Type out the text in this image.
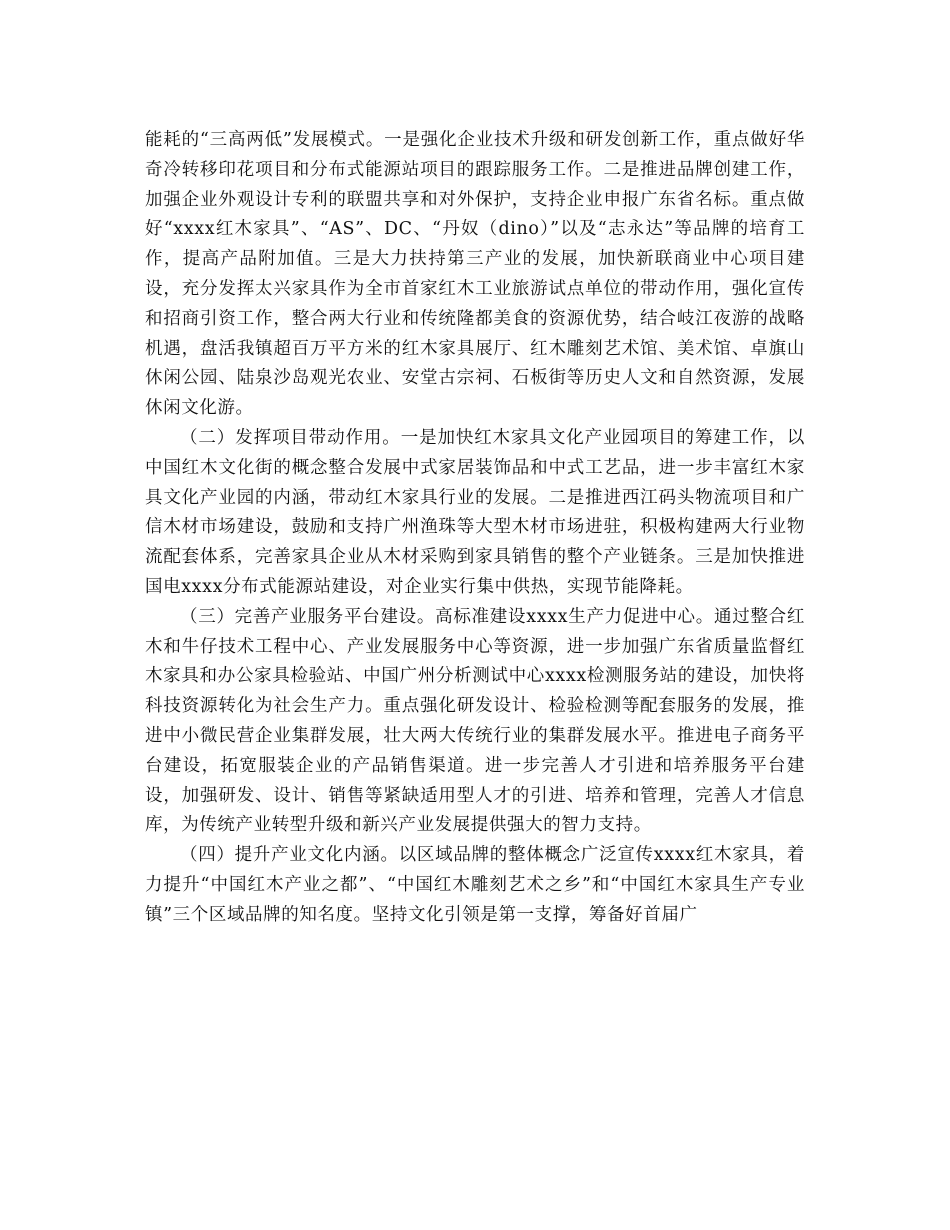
能耗的“三高两低”发展模式。一是强化企业技术升级和研发创新工作，重点做好华奇冷转移印花项目和分布式能源站项目的跟踪服务工作。二是推进品牌创建工作，加强企业外观设计专利的联盟共享和对外保护，支持企业申报广东省名标。重点做好“xxxx红木家具”、“AS”、DC、“丹奴（dino）”以及“志永达”等品牌的培育工作，提高产品附加值。三是大力扶持第三产业的发展，加快新联商业中心项目建设，充分发挥太兴家具作为全市首家红木工业旅游试点单位的带动作用，强化宣传和招商引资工作，整合两大行业和传统隆都美食的资源优势，结合岐江夜游的战略机遇，盘活我镇超百万平方米的红木家具展厅、红木雕刻艺术馆、美术馆、卓旗山休闲公园、陆泉沙岛观光农业、安堂古宗祠、石板街等历史人文和自然资源，发展休闲文化游。

（二）发挥项目带动作用。一是加快红木家具文化产业园项目的筹建工作，以中国红木文化街的概念整合发展中式家居装饰品和中式工艺品，进一步丰富红木家具文化产业园的内涵，带动红木家具行业的发展。二是推进西江码头物流项目和广信木材市场建设，鼓励和支持广州渔珠等大型木材市场进驻，积极构建两大行业物流配套体系，完善家具企业从木材采购到家具销售的整个产业链条。三是加快推进国电xxxx分布式能源站建设，对企业实行集中供热，实现节能降耗。

（三）完善产业服务平台建设。高标准建设xxxx生产力促进中心。通过整合红木和牛仔技术工程中心、产业发展服务中心等资源，进一步加强广东省质量监督红木家具和办公家具检验站、中国广州分析测试中心xxxx检测服务站的建设，加快将科技资源转化为社会生产力。重点强化研发设计、检验检测等配套服务的发展，推进中小微民营企业集群发展，壮大两大传统行业的集群发展水平。推进电子商务平台建设，拓宽服装企业的产品销售渠道。进一步完善人才引进和培养服务平台建设，加强研发、设计、销售等紧缺适用型人才的引进、培养和管理，完善人才信息库，为传统产业转型升级和新兴产业发展提供强大的智力支持。

（四）提升产业文化内涵。以区域品牌的整体概念广泛宣传xxxx红木家具，着力提升“中国红木产业之都”、“中国红木雕刻艺术之乡”和“中国红木家具生产专业镇”三个区域品牌的知名度。坚持文化引领是第一支撑，筹备好首届广
